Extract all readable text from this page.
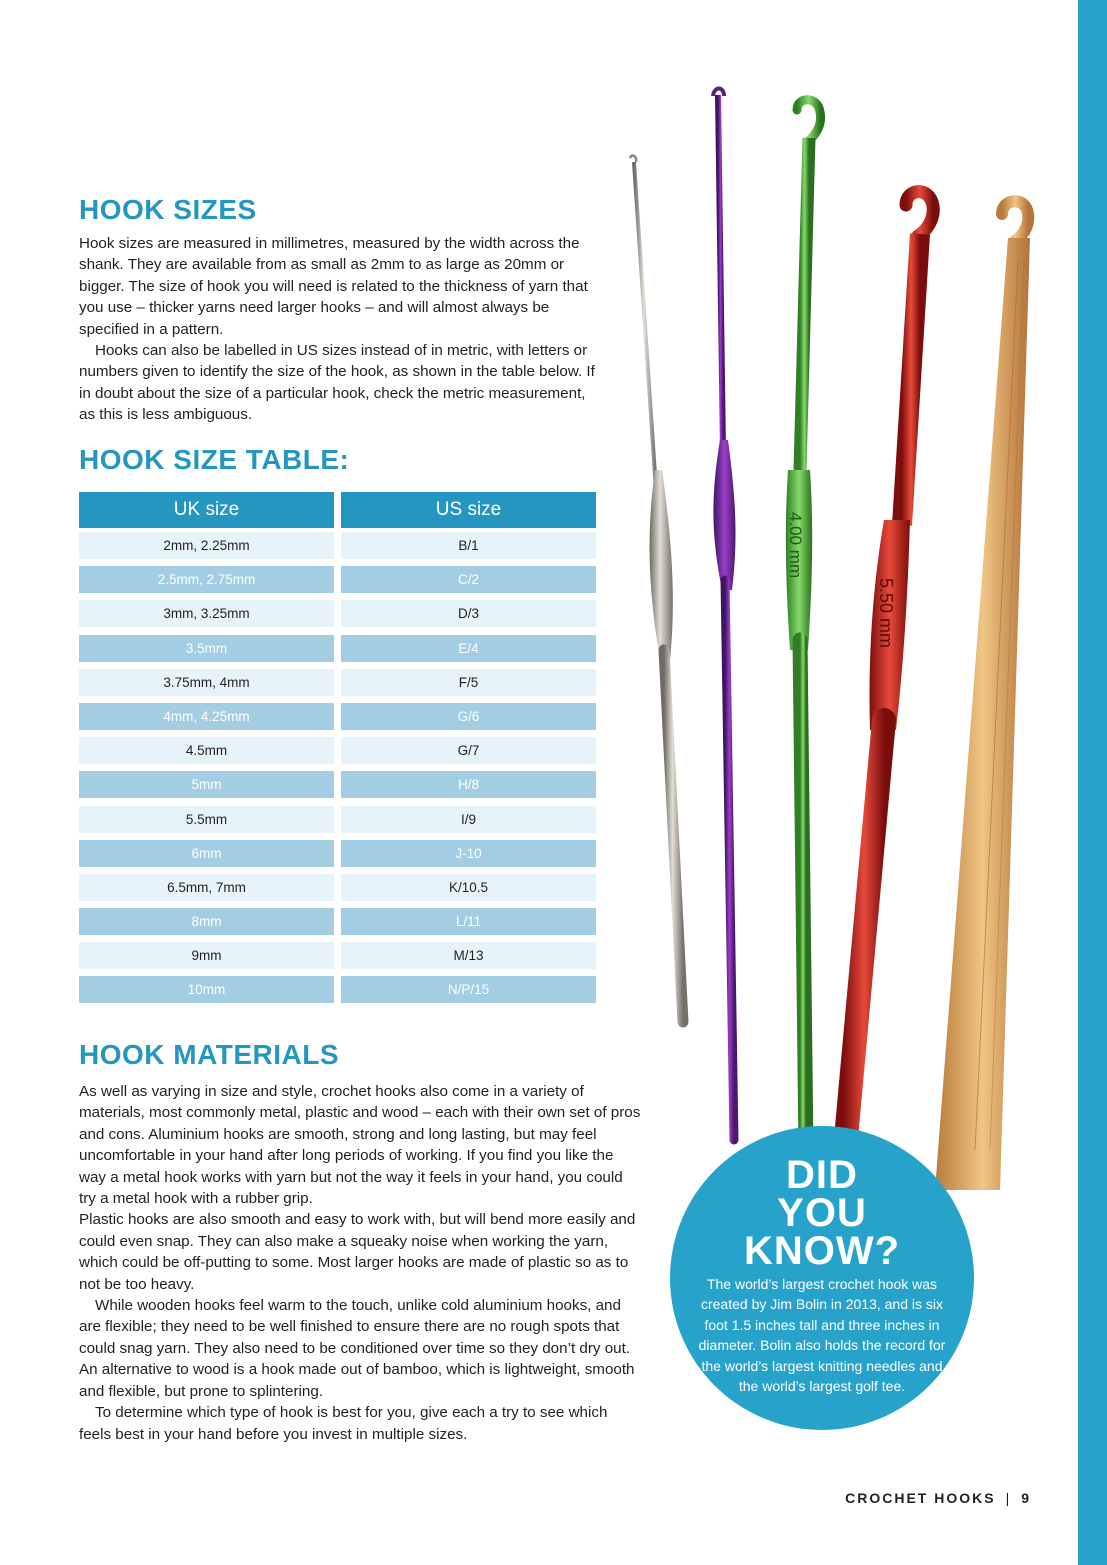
HOOK SIZES

Hook sizes are measured in millimetres, measured by the width across the shank. They are available from as small as 2mm to as large as 20mm or bigger. The size of hook you will need is related to the thickness of yarn that you use – thicker yarns need larger hooks – and will almost always be specified in a pattern.

Hooks can also be labelled in US sizes instead of in metric, with letters or numbers given to identify the size of the hook, as shown in the table below. If in doubt about the size of a particular hook, check the metric measurement, as this is less ambiguous.

HOOK SIZE TABLE:
UK size	US size
2mm, 2.25mm	B/1
2.5mm, 2.75mm	C/2
3mm, 3.25mm	D/3
3.5mm	E/4
3.75mm, 4mm	F/5
4mm, 4.25mm	G/6
4.5mm	G/7
5mm	H/8
5.5mm	I/9
6mm	J-10
6.5mm, 7mm	K/10.5
8mm	L/11
9mm	M/13
10mm	N/P/15
HOOK MATERIALS

As well as varying in size and style, crochet hooks also come in a variety of materials, most commonly metal, plastic and wood – each with their own set of pros and cons. Aluminium hooks are smooth, strong and long lasting, but may feel uncomfortable in your hand after long periods of working. If you find you like the way a metal hook works with yarn but not the way it feels in your hand, you could try a metal hook with a rubber grip.

Plastic hooks are also smooth and easy to work with, but will bend more easily and could even snap. They can also make a squeaky noise when working the yarn, which could be off-putting to some. Most larger hooks are made of plastic so as to not be too heavy.

While wooden hooks feel warm to the touch, unlike cold aluminium hooks, and are flexible; they need to be well finished to ensure there are no rough spots that could snag yarn. They also need to be conditioned over time so they don’t dry out. An alternative to wood is a hook made out of bamboo, which is lightweight, smooth and flexible, but prone to splintering.

To determine which type of hook is best for you, give each a try to see which feels best in your hand before you invest in multiple sizes.

4.00 mm
5.50 mm
DID
YOU
KNOW?

The world’s largest crochet hook was created by Jim Bolin in 2013, and is six foot 1.5 inches tall and three inches in diameter. Bolin also holds the record for the world’s largest knitting needles and the world’s largest golf tee.

CROCHET HOOKS | 9
